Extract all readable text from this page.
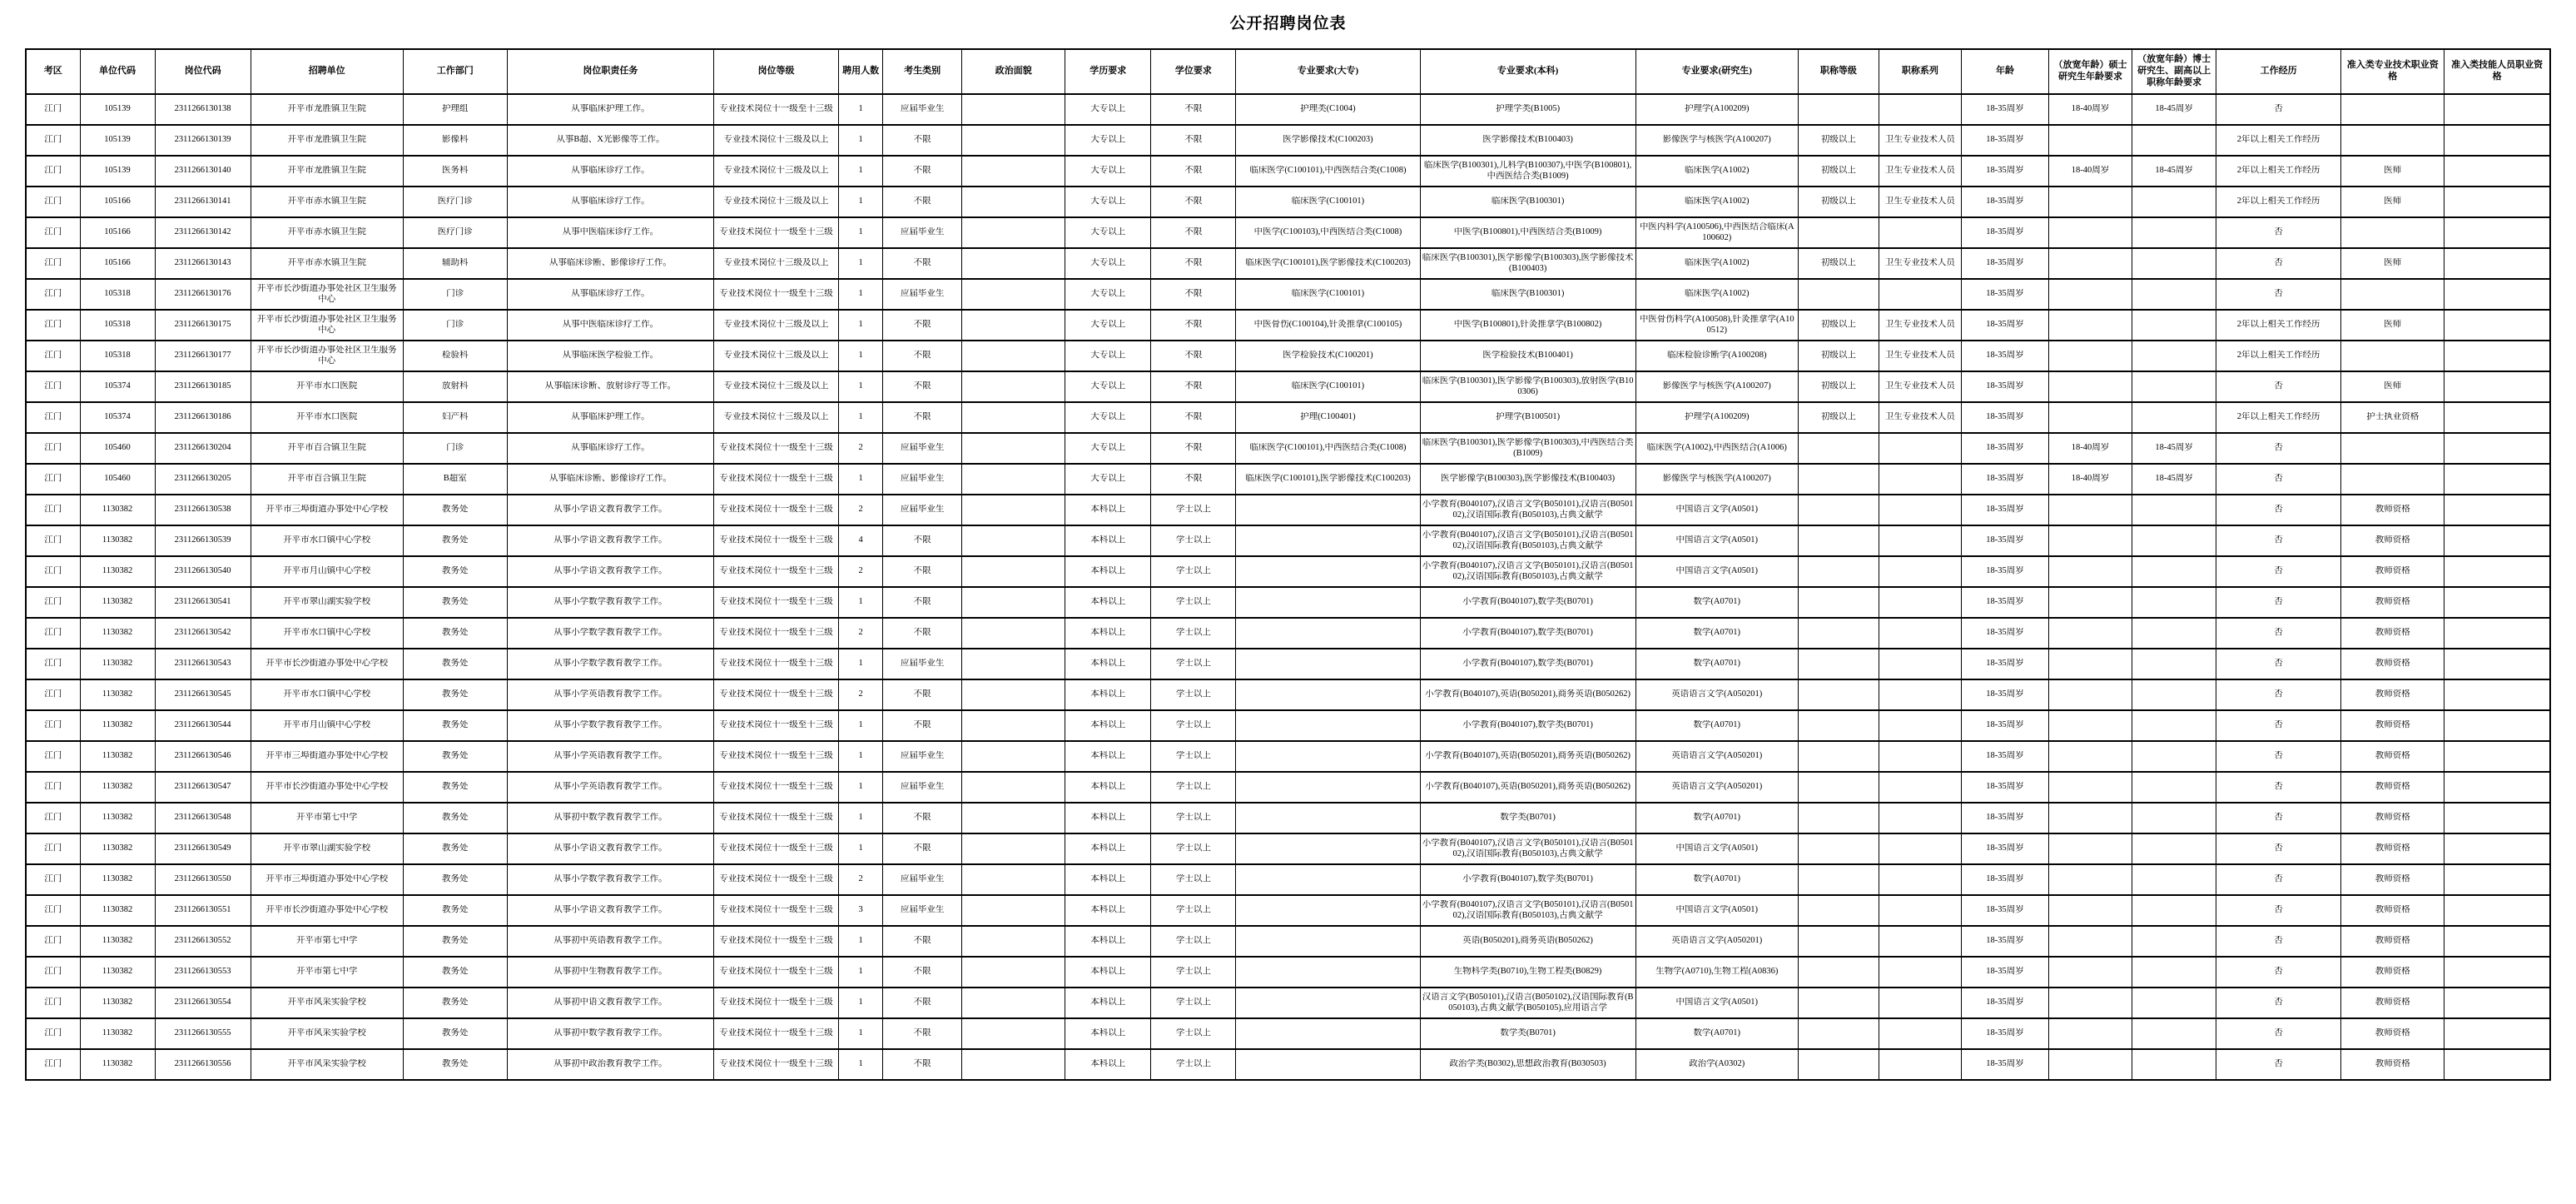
公开招聘岗位表
考区	单位代码	岗位代码	招聘单位	工作部门	岗位职责任务	岗位等级	聘用人数	考生类别	政治面貌	学历要求	学位要求	专业要求(大专)	专业要求(本科)	专业要求(研究生)	职称等级	职称系列	年龄	（放宽年龄）硕士研究生年龄要求	（放宽年龄）博士研究生、副高以上职称年龄要求	工作经历	准入类专业技术职业资格	准入类技能人员职业资格

江门	105139	2311266130138	开平市龙胜镇卫生院	护理组	从事临床护理工作。	专业技术岗位十一级至十三级	1	应届毕业生		大专以上	不限	护理类(C1004)	护理学类(B1005)	护理学(A100209)			18-35周岁	18-40周岁	18-45周岁	否		

江门	105139	2311266130139	开平市龙胜镇卫生院	影像科	从事B超、X光影像等工作。	专业技术岗位十三级及以上	1	不限		大专以上	不限	医学影像技术(C100203)	医学影像技术(B100403)	影像医学与核医学(A100207)	初级以上	卫生专业技术人员	18-35周岁			2年以上相关工作经历		

江门	105139	2311266130140	开平市龙胜镇卫生院	医务科	从事临床诊疗工作。	专业技术岗位十三级及以上	1	不限		大专以上	不限	临床医学(C100101),中西医结合类(C1008)	临床医学(B100301),儿科学(B100307),中医学(B100801),中西医结合类(B1009)	临床医学(A1002)	初级以上	卫生专业技术人员	18-35周岁	18-40周岁	18-45周岁	2年以上相关工作经历	医师	

江门	105166	2311266130141	开平市赤水镇卫生院	医疗门诊	从事临床诊疗工作。	专业技术岗位十三级及以上	1	不限		大专以上	不限	临床医学(C100101)	临床医学(B100301)	临床医学(A1002)	初级以上	卫生专业技术人员	18-35周岁			2年以上相关工作经历	医师	

江门	105166	2311266130142	开平市赤水镇卫生院	医疗门诊	从事中医临床诊疗工作。	专业技术岗位十一级至十三级	1	应届毕业生		大专以上	不限	中医学(C100103),中西医结合类(C1008)	中医学(B100801),中西医结合类(B1009)	中医内科学(A100506),中西医结合临床(A100602)			18-35周岁			否		

江门	105166	2311266130143	开平市赤水镇卫生院	辅助科	从事临床诊断、影像诊疗工作。	专业技术岗位十三级及以上	1	不限		大专以上	不限	临床医学(C100101),医学影像技术(C100203)	临床医学(B100301),医学影像学(B100303),医学影像技术(B100403)	临床医学(A1002)	初级以上	卫生专业技术人员	18-35周岁			否	医师	

江门	105318	2311266130176	开平市长沙街道办事处社区卫生服务中心	门诊	从事临床诊疗工作。	专业技术岗位十一级至十三级	1	应届毕业生		大专以上	不限	临床医学(C100101)	临床医学(B100301)	临床医学(A1002)			18-35周岁			否		

江门	105318	2311266130175	开平市长沙街道办事处社区卫生服务中心	门诊	从事中医临床诊疗工作。	专业技术岗位十三级及以上	1	不限		大专以上	不限	中医骨伤(C100104),针灸推拿(C100105)	中医学(B100801),针灸推拿学(B100802)	中医骨伤科学(A100508),针灸推拿学(A100512)	初级以上	卫生专业技术人员	18-35周岁			2年以上相关工作经历	医师	

江门	105318	2311266130177	开平市长沙街道办事处社区卫生服务中心	检验科	从事临床医学检验工作。	专业技术岗位十三级及以上	1	不限		大专以上	不限	医学检验技术(C100201)	医学检验技术(B100401)	临床检验诊断学(A100208)	初级以上	卫生专业技术人员	18-35周岁			2年以上相关工作经历		

江门	105374	2311266130185	开平市水口医院	放射科	从事临床诊断、放射诊疗等工作。	专业技术岗位十三级及以上	1	不限		大专以上	不限	临床医学(C100101)	临床医学(B100301),医学影像学(B100303),放射医学(B100306)	影像医学与核医学(A100207)	初级以上	卫生专业技术人员	18-35周岁			否	医师	

江门	105374	2311266130186	开平市水口医院	妇产科	从事临床护理工作。	专业技术岗位十三级及以上	1	不限		大专以上	不限	护理(C100401)	护理学(B100501)	护理学(A100209)	初级以上	卫生专业技术人员	18-35周岁			2年以上相关工作经历	护士执业资格	

江门	105460	2311266130204	开平市百合镇卫生院	门诊	从事临床诊疗工作。	专业技术岗位十一级至十三级	2	应届毕业生		大专以上	不限	临床医学(C100101),中西医结合类(C1008)	临床医学(B100301),医学影像学(B100303),中西医结合类(B1009)	临床医学(A1002),中西医结合(A1006)			18-35周岁	18-40周岁	18-45周岁	否		

江门	105460	2311266130205	开平市百合镇卫生院	B超室	从事临床诊断、影像诊疗工作。	专业技术岗位十一级至十三级	1	应届毕业生		大专以上	不限	临床医学(C100101),医学影像技术(C100203)	医学影像学(B100303),医学影像技术(B100403)	影像医学与核医学(A100207)			18-35周岁	18-40周岁	18-45周岁	否		

江门	1130382	2311266130538	开平市三埠街道办事处中心学校	教务处	从事小学语文教育教学工作。	专业技术岗位十一级至十三级	2	应届毕业生		本科以上	学士以上		小学教育(B040107),汉语言文学(B050101),汉语言(B050102),汉语国际教育(B050103),古典文献学	中国语言文学(A0501)			18-35周岁			否	教师资格	

江门	1130382	2311266130539	开平市水口镇中心学校	教务处	从事小学语文教育教学工作。	专业技术岗位十一级至十三级	4	不限		本科以上	学士以上		小学教育(B040107),汉语言文学(B050101),汉语言(B050102),汉语国际教育(B050103),古典文献学	中国语言文学(A0501)			18-35周岁			否	教师资格	

江门	1130382	2311266130540	开平市月山镇中心学校	教务处	从事小学语文教育教学工作。	专业技术岗位十一级至十三级	2	不限		本科以上	学士以上		小学教育(B040107),汉语言文学(B050101),汉语言(B050102),汉语国际教育(B050103),古典文献学	中国语言文学(A0501)			18-35周岁			否	教师资格	

江门	1130382	2311266130541	开平市翠山湖实验学校	教务处	从事小学数学教育教学工作。	专业技术岗位十一级至十三级	1	不限		本科以上	学士以上		小学教育(B040107),数学类(B0701)	数学(A0701)			18-35周岁			否	教师资格	

江门	1130382	2311266130542	开平市水口镇中心学校	教务处	从事小学数学教育教学工作。	专业技术岗位十一级至十三级	2	不限		本科以上	学士以上		小学教育(B040107),数学类(B0701)	数学(A0701)			18-35周岁			否	教师资格	

江门	1130382	2311266130543	开平市长沙街道办事处中心学校	教务处	从事小学数学教育教学工作。	专业技术岗位十一级至十三级	1	应届毕业生		本科以上	学士以上		小学教育(B040107),数学类(B0701)	数学(A0701)			18-35周岁			否	教师资格	

江门	1130382	2311266130545	开平市水口镇中心学校	教务处	从事小学英语教育教学工作。	专业技术岗位十一级至十三级	2	不限		本科以上	学士以上		小学教育(B040107),英语(B050201),商务英语(B050262)	英语语言文学(A050201)			18-35周岁			否	教师资格	

江门	1130382	2311266130544	开平市月山镇中心学校	教务处	从事小学数学教育教学工作。	专业技术岗位十一级至十三级	1	不限		本科以上	学士以上		小学教育(B040107),数学类(B0701)	数学(A0701)			18-35周岁			否	教师资格	

江门	1130382	2311266130546	开平市三埠街道办事处中心学校	教务处	从事小学英语教育教学工作。	专业技术岗位十一级至十三级	1	应届毕业生		本科以上	学士以上		小学教育(B040107),英语(B050201),商务英语(B050262)	英语语言文学(A050201)			18-35周岁			否	教师资格	

江门	1130382	2311266130547	开平市长沙街道办事处中心学校	教务处	从事小学英语教育教学工作。	专业技术岗位十一级至十三级	1	应届毕业生		本科以上	学士以上		小学教育(B040107),英语(B050201),商务英语(B050262)	英语语言文学(A050201)			18-35周岁			否	教师资格	

江门	1130382	2311266130548	开平市第七中学	教务处	从事初中数学教育教学工作。	专业技术岗位十一级至十三级	1	不限		本科以上	学士以上		数学类(B0701)	数学(A0701)			18-35周岁			否	教师资格	

江门	1130382	2311266130549	开平市翠山湖实验学校	教务处	从事小学语文教育教学工作。	专业技术岗位十一级至十三级	1	不限		本科以上	学士以上		小学教育(B040107),汉语言文学(B050101),汉语言(B050102),汉语国际教育(B050103),古典文献学	中国语言文学(A0501)			18-35周岁			否	教师资格	

江门	1130382	2311266130550	开平市三埠街道办事处中心学校	教务处	从事小学数学教育教学工作。	专业技术岗位十一级至十三级	2	应届毕业生		本科以上	学士以上		小学教育(B040107),数学类(B0701)	数学(A0701)			18-35周岁			否	教师资格	

江门	1130382	2311266130551	开平市长沙街道办事处中心学校	教务处	从事小学语文教育教学工作。	专业技术岗位十一级至十三级	3	应届毕业生		本科以上	学士以上		小学教育(B040107),汉语言文学(B050101),汉语言(B050102),汉语国际教育(B050103),古典文献学	中国语言文学(A0501)			18-35周岁			否	教师资格	

江门	1130382	2311266130552	开平市第七中学	教务处	从事初中英语教育教学工作。	专业技术岗位十一级至十三级	1	不限		本科以上	学士以上		英语(B050201),商务英语(B050262)	英语语言文学(A050201)			18-35周岁			否	教师资格	

江门	1130382	2311266130553	开平市第七中学	教务处	从事初中生物教育教学工作。	专业技术岗位十一级至十三级	1	不限		本科以上	学士以上		生物科学类(B0710),生物工程类(B0829)	生物学(A0710),生物工程(A0836)			18-35周岁			否	教师资格	

江门	1130382	2311266130554	开平市风采实验学校	教务处	从事初中语文教育教学工作。	专业技术岗位十一级至十三级	1	不限		本科以上	学士以上		汉语言文学(B050101),汉语言(B050102),汉语国际教育(B050103),古典文献学(B050105),应用语言学	中国语言文学(A0501)			18-35周岁			否	教师资格	

江门	1130382	2311266130555	开平市风采实验学校	教务处	从事初中数学教育教学工作。	专业技术岗位十一级至十三级	1	不限		本科以上	学士以上		数学类(B0701)	数学(A0701)			18-35周岁			否	教师资格	

江门	1130382	2311266130556	开平市风采实验学校	教务处	从事初中政治教育教学工作。	专业技术岗位十一级至十三级	1	不限		本科以上	学士以上		政治学类(B0302),思想政治教育(B030503)	政治学(A0302)			18-35周岁			否	教师资格	
